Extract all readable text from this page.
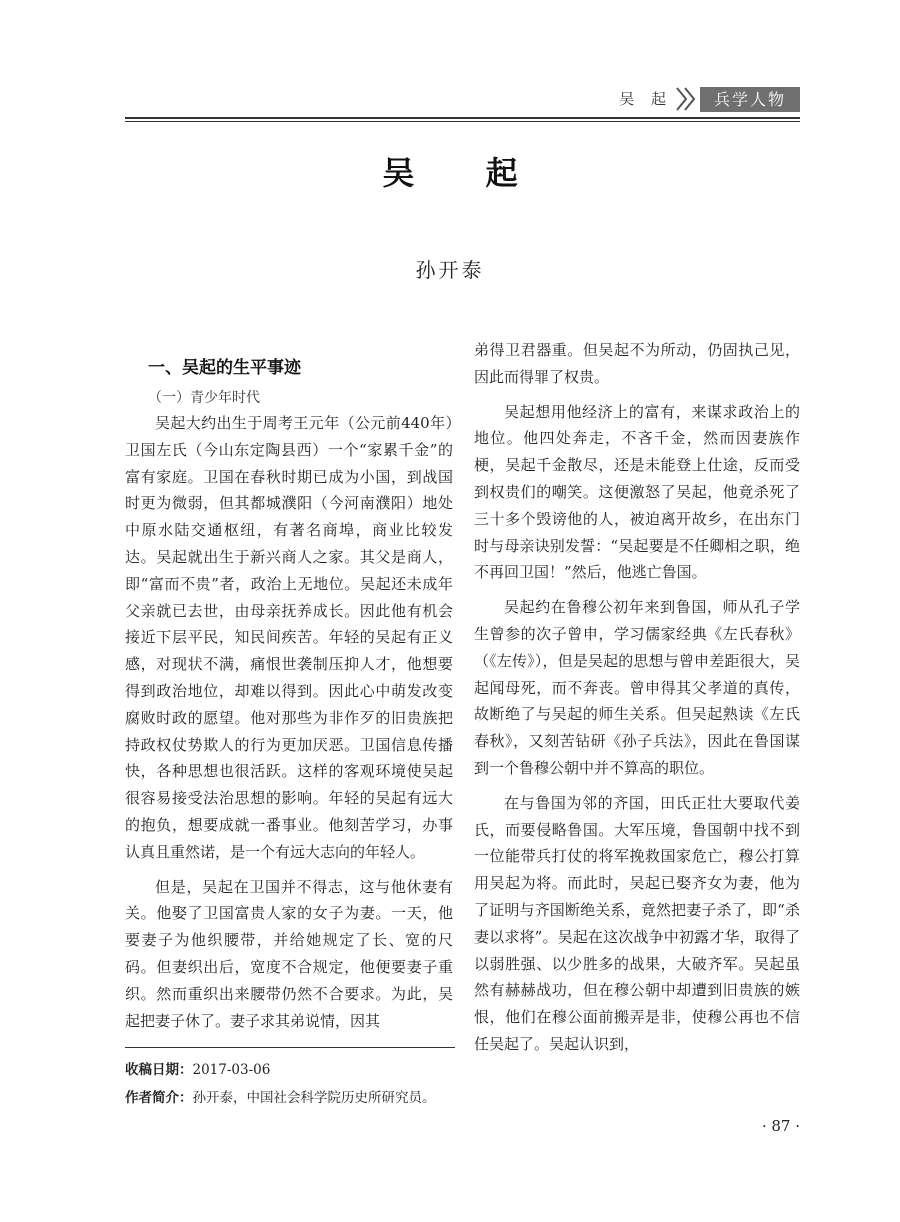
吴 起	兵学人物
吴 起
孙开泰
一、吴起的生平事迹
（一）青少年时代

吴起大约出生于周考王元年（公元前440年）卫国左氏（今山东定陶县西）一个“家累千金”的富有家庭。卫国在春秋时期已成为小国，到战国时更为微弱，但其都城濮阳（今河南濮阳）地处中原水陆交通枢纽，有著名商埠，商业比较发达。吴起就出生于新兴商人之家。其父是商人，即“富而不贵”者，政治上无地位。吴起还未成年父亲就已去世，由母亲抚养成长。因此他有机会接近下层平民，知民间疾苦。年轻的吴起有正义感，对现状不满，痛恨世袭制压抑人才，他想要得到政治地位，却难以得到。因此心中萌发改变腐败时政的愿望。他对那些为非作歹的旧贵族把持政权仗势欺人的行为更加厌恶。卫国信息传播快，各种思想也很活跃。这样的客观环境使吴起很容易接受法治思想的影响。年轻的吴起有远大的抱负，想要成就一番事业。他刻苦学习，办事认真且重然诺，是一个有远大志向的年轻人。

但是，吴起在卫国并不得志，这与他休妻有关。他娶了卫国富贵人家的女子为妻。一天，他要妻子为他织腰带，并给她规定了长、宽的尺码。但妻织出后，宽度不合规定，他便要妻子重织。然而重织出来腰带仍然不合要求。为此，吴起把妻子休了。妻子求其弟说情，因其

弟得卫君器重。但吴起不为所动，仍固执己见，因此而得罪了权贵。

吴起想用他经济上的富有，来谋求政治上的地位。他四处奔走，不吝千金，然而因妻族作梗，吴起千金散尽，还是未能登上仕途，反而受到权贵们的嘲笑。这便激怒了吴起，他竟杀死了三十多个毁谤他的人，被迫离开故乡，在出东门时与母亲诀别发誓：“吴起要是不任卿相之职，绝不再回卫国！”然后，他逃亡鲁国。

吴起约在鲁穆公初年来到鲁国，师从孔子学生曾参的次子曾申，学习儒家经典《左氏春秋》（《左传》），但是吴起的思想与曾申差距很大，吴起闻母死，而不奔丧。曾申得其父孝道的真传，故断绝了与吴起的师生关系。但吴起熟读《左氏春秋》，又刻苦钻研《孙子兵法》，因此在鲁国谋到一个鲁穆公朝中并不算高的职位。

在与鲁国为邻的齐国，田氏正壮大要取代姜氏，而要侵略鲁国。大军压境，鲁国朝中找不到一位能带兵打仗的将军挽救国家危亡，穆公打算用吴起为将。而此时，吴起已娶齐女为妻，他为了证明与齐国断绝关系，竟然把妻子杀了，即“杀妻以求将”。吴起在这次战争中初露才华，取得了以弱胜强、以少胜多的战果，大破齐军。吴起虽然有赫赫战功，但在穆公朝中却遭到旧贵族的嫉恨，他们在穆公面前搬弄是非，使穆公再也不信任吴起了。吴起认识到，

收稿日期：2017-03-06
作者简介：孙开泰，中国社会科学院历史所研究员。
· 87 ·
